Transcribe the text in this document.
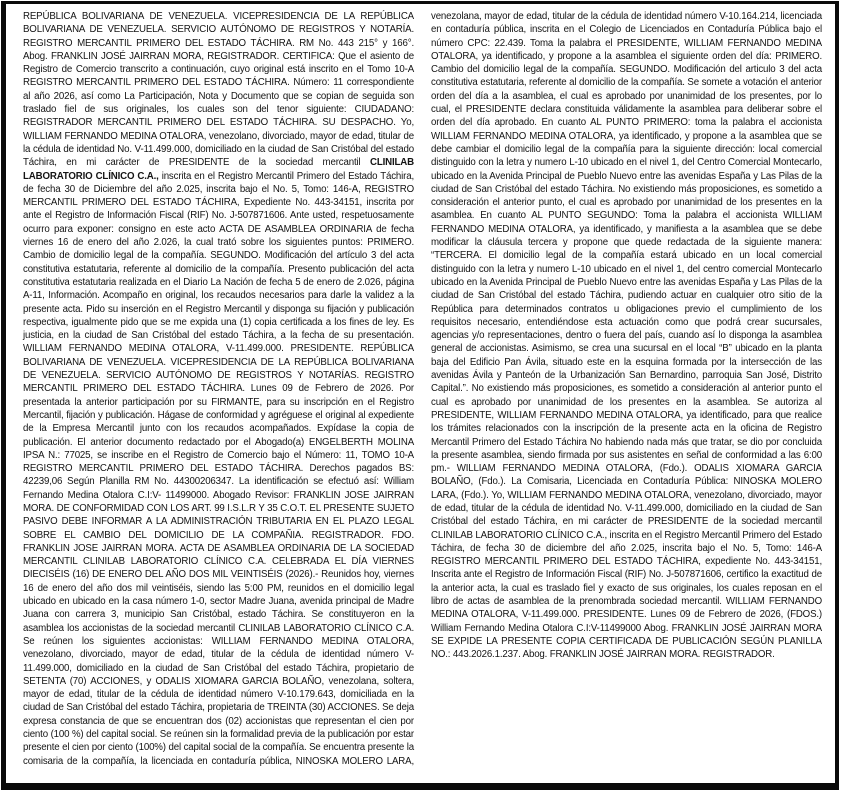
REPÚBLICA BOLIVARIANA DE VENEZUELA. VICEPRESIDENCIA DE LA REPÚBLICA BOLIVARIANA DE VENEZUELA. SERVICIO AUTÓNOMO DE REGISTROS Y NOTARÍA. REGISTRO MERCANTIL PRIMERO DEL ESTADO TÁCHIRA. RM No. 443 215° y 166°. Abog. FRANKLIN JOSÉ JAIRRAN MORA, REGISTRADOR. CERTIFICA: Que el asiento de Registro de Comercio transcrito a continuación, cuyo original está inscrito en el Tomo 10-A REGISTRO MERCANTIL PRIMERO DEL ESTADO TÁCHIRA. Número: 11 correspondiente al año 2026, así como La Participación, Nota y Documento que se copian de seguida son traslado fiel de sus originales, los cuales son del tenor siguiente: CIUDADANO: REGISTRADOR MERCANTIL PRIMERO DEL ESTADO TÁCHIRA. SU DESPACHO. Yo, WILLIAM FERNANDO MEDINA OTALORA, venezolano, divorciado, mayor de edad, titular de la cédula de identidad No. V-11.499.000, domiciliado en la ciudad de San Cristóbal del estado Táchira, en mi carácter de PRESIDENTE de la sociedad mercantil CLINILAB LABORATORIO CLÍNICO C.A., inscrita en el Registro Mercantil Primero del Estado Táchira, de fecha 30 de Diciembre del año 2.025, inscrita bajo el No. 5, Tomo: 146-A, REGISTRO MERCANTIL PRIMERO DEL ESTADO TÁCHIRA, Expediente No. 443-34151, inscrita por ante el Registro de Información Fiscal (RIF) No. J-507871606. Ante usted, respetuosamente ocurro para exponer: consigno en este acto ACTA DE ASAMBLEA ORDINARIA de fecha viernes 16 de enero del año 2.026, la cual trató sobre los siguientes puntos: PRIMERO. Cambio de domicilio legal de la compañía. SEGUNDO. Modificación del artículo 3 del acta constitutiva estatutaria, referente al domicilio de la compañía. Presento publicación del acta constitutiva estatutaria realizada en el Diario La Nación de fecha 5 de enero de 2.026, página A-11, Información. Acompaño en original, los recaudos necesarios para darle la validez a la presente acta. Pido su inserción en el Registro Mercantil y disponga su fijación y publicación respectiva, igualmente pido que se me expida una (1) copia certificada a los fines de ley. Es justicia, en la ciudad de San Cristóbal del estado Táchira, a la fecha de su presentación. WILLIAM FERNANDO MEDINA OTALORA, V-11.499.000. PRESIDENTE. REPÚBLICA BOLIVARIANA DE VENEZUELA. VICEPRESIDENCIA DE LA REPÚBLICA BOLIVARIANA DE VENEZUELA. SERVICIO AUTÓNOMO DE REGISTROS Y NOTARÍAS. REGISTRO MERCANTIL PRIMERO DEL ESTADO TÁCHIRA. Lunes 09 de Febrero de 2026. Por presentada la anterior participación por su FIRMANTE, para su inscripción en el Registro Mercantil, fijación y publicación. Hágase de conformidad y agréguese el original al expediente de la Empresa Mercantil junto con los recaudos acompañados. Expídase la copia de publicación. El anterior documento redactado por el Abogado(a) ENGELBERTH MOLINA IPSA N.: 77025, se inscribe en el Registro de Comercio bajo el Número: 11, TOMO 10-A REGISTRO MERCANTIL PRIMERO DEL ESTADO TÁCHIRA. Derechos pagados BS: 42239,06 Según Planilla RM No. 44300206347. La identificación se efectuó así: William Fernando Medina Otalora C.I:V- 11499000. Abogado Revisor: FRANKLIN JOSE JAIRRAN MORA. DE CONFORMIDAD CON LOS ART. 99 I.S.L.R Y 35 C.O.T. EL PRESENTE SUJETO PASIVO DEBE INFORMAR A LA ADMINISTRACIÓN TRIBUTARIA EN EL PLAZO LEGAL SOBRE EL CAMBIO DEL DOMICILIO DE LA COMPAÑIA. REGISTRADOR. FDO. FRANKLIN JOSE JAIRRAN MORA. ACTA DE ASAMBLEA ORDINARIA DE LA SOCIEDAD MERCANTIL CLINILAB LABORATORIO CLÍNICO C.A. CELEBRADA EL DÍA VIERNES DIECISÉIS (16) DE ENERO DEL AÑO DOS MIL VEINTISÉIS (2026).- Reunidos hoy, viernes 16 de enero del año dos mil veintiséis, siendo las 5:00 PM, reunidos en el domicilio legal ubicado en ubicado en la casa número 1-0, sector Madre Juana, avenida principal de Madre Juana con carrera 3, municipio San Cristóbal, estado Táchira. Se constituyeron en la asamblea los accionistas de la sociedad mercantil CLINILAB LABORATORIO CLÍNICO C.A. Se reúnen los siguientes accionistas: WILLIAM FERNANDO MEDINA OTALORA, venezolano, divorciado, mayor de edad, titular de la cédula de identidad número V-11.499.000, domiciliado en la ciudad de San Cristóbal del estado Táchira, propietario de SETENTA (70) ACCIONES, y ODALIS XIOMARA GARCIA BOLAÑO, venezolana, soltera, mayor de edad, titular de la cédula de identidad número V-10.179.643, domiciliada en la ciudad de San Cristóbal del estado Táchira, propietaria de TREINTA (30) ACCIONES. Se deja expresa constancia de que se encuentran dos (02) accionistas que representan el cien por ciento (100 %) del capital social. Se reúnen sin la formalidad previa de la publicación por estar presente el cien por ciento (100%) del capital social de la compañía. Se encuentra presente la comisaria de la compañía, la licenciada en contaduría pública, NINOSKA MOLERO LARA, venezolana, mayor de edad, titular de la cédula de identidad número V-10.164.214, licenciada en contaduría pública, inscrita en el Colegio de Licenciados en Contaduría Pública bajo el número CPC: 22.439. Toma la palabra el PRESIDENTE, WILLIAM FERNANDO MEDINA OTALORA, ya identificado, y propone a la asamblea el siguiente orden del día: PRIMERO. Cambio del domicilio legal de la compañía. SEGUNDO. Modificación del articulo 3 del acta constitutiva estatutaria, referente al domicilio de la compañía. Se somete a votación el anterior orden del día a la asamblea, el cual es aprobado por unanimidad de los presentes, por lo cual, el PRESIDENTE declara constituida válidamente la asamblea para deliberar sobre el orden del día aprobado. En cuanto AL PUNTO PRIMERO: toma la palabra el accionista WILLIAM FERNANDO MEDINA OTALORA, ya identificado, y propone a la asamblea que se debe cambiar el domicilio legal de la compañía para la siguiente dirección: local comercial distinguido con la letra y numero L-10 ubicado en el nivel 1, del Centro Comercial Montecarlo, ubicado en la Avenida Principal de Pueblo Nuevo entre las avenidas España y Las Pilas de la ciudad de San Cristóbal del estado Táchira. No existiendo más proposiciones, es sometido a consideración el anterior punto, el cual es aprobado por unanimidad de los presentes en la asamblea. En cuanto AL PUNTO SEGUNDO: Toma la palabra el accionista WILLIAM FERNANDO MEDINA OTALORA, ya identificado, y manifiesta a la asamblea que se debe modificar la cláusula tercera y propone que quede redactada de la siguiente manera: “TERCERA. El domicilio legal de la compañía estará ubicado en un local comercial distinguido con la letra y numero L-10 ubicado en el nivel 1, del centro comercial Montecarlo ubicado en la Avenida Principal de Pueblo Nuevo entre las avenidas España y Las Pilas de la ciudad de San Cristóbal del estado Táchira, pudiendo actuar en cualquier otro sitio de la República para determinados contratos u obligaciones previo el cumplimiento de los requisitos necesario, entendiéndose esta actuación como que podrá crear sucursales, agencias y/o representaciones, dentro o fuera del país, cuando así lo disponga la asamblea general de accionistas. Asimismo, se crea una sucursal en el local “B” ubicado en la planta baja del Edificio Pan Ávila, situado este en la esquina formada por la intersección de las avenidas Ávila y Panteón de la Urbanización San Bernardino, parroquia San José, Distrito Capital.”. No existiendo más proposiciones, es sometido a consideración al anterior punto el cual es aprobado por unanimidad de los presentes en la asamblea. Se autoriza al PRESIDENTE, WILLIAM FERNANDO MEDINA OTALORA, ya identificado, para que realice los trámites relacionados con la inscripción de la presente acta en la oficina de Registro Mercantil Primero del Estado Táchira No habiendo nada más que tratar, se dio por concluida la presente asamblea, siendo firmada por sus asistentes en señal de conformidad a las 6:00 pm.- WILLIAM FERNANDO MEDINA OTALORA, (Fdo.). ODALIS XIOMARA GARCIA BOLAÑO, (Fdo.). La Comisaria, Licenciada en Contaduría Pública: NINOSKA MOLERO LARA, (Fdo.). Yo, WILLIAM FERNANDO MEDINA OTALORA, venezolano, divorciado, mayor de edad, titular de la cédula de identidad No. V-11.499.000, domiciliado en la ciudad de San Cristóbal del estado Táchira, en mi carácter de PRESIDENTE de la sociedad mercantil CLINILAB LABORATORIO CLÍNICO C.A., inscrita en el Registro Mercantil Primero del Estado Táchira, de fecha 30 de diciembre del año 2.025, inscrita bajo el No. 5, Tomo: 146-A REGISTRO MERCANTIL PRIMERO DEL ESTADO TÁCHIRA, expediente No. 443-34151, Inscrita ante el Registro de Información Fiscal (RIF) No. J-507871606, certifico la exactitud de la anterior acta, la cual es traslado fiel y exacto de sus originales, los cuales reposan en el libro de actas de asamblea de la prenombrada sociedad mercantil. WILLIAM FERNANDO MEDINA OTALORA, V-11.499.000. PRESIDENTE. Lunes 09 de Febrero de 2026, (FDOS.) William Fernando Medina Otalora C.I:V-11499000 Abog. FRANKLIN JOSÉ JAIRRAN MORA SE EXPIDE LA PRESENTE COPIA CERTIFICADA DE PUBLICACIÓN SEGÚN PLANILLA NO.: 443.2026.1.237. Abog. FRANKLIN JOSÉ JAIRRAN MORA. REGISTRADOR.
